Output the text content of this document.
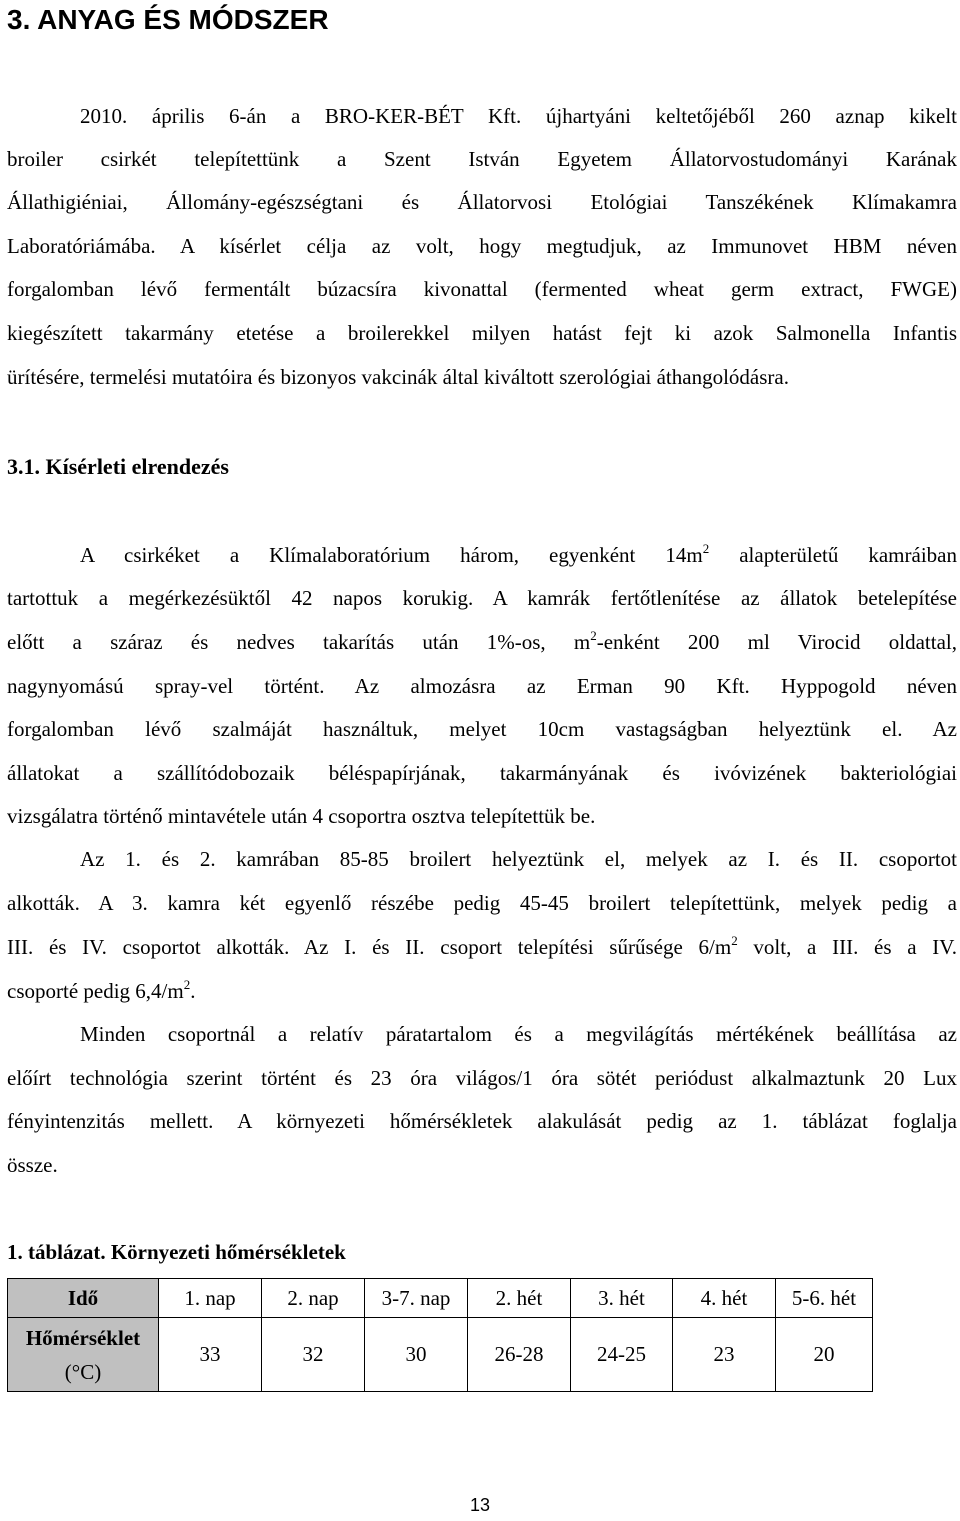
3. ANYAG ÉS MÓDSZER
2010. április 6-án a BRO-KER-BÉT Kft. újhartyáni keltetőjéből 260 aznap kikelt
broiler csirkét telepítettünk a Szent István Egyetem Állatorvostudományi Karának
Állathigiéniai, Állomány-egészségtani és Állatorvosi Etológiai Tanszékének Klímakamra
Laboratóriámába. A kísérlet célja az volt, hogy megtudjuk, az Immunovet HBM néven
forgalomban lévő fermentált búzacsíra kivonattal (fermented wheat germ extract, FWGE)
kiegészített takarmány etetése a broilerekkel milyen hatást fejt ki azok Salmonella Infantis
ürítésére, termelési mutatóira és bizonyos vakcinák által kiváltott szerológiai áthangolódásra.
3.1. Kísérleti elrendezés
A csirkéket a Klímalaboratórium három, egyenként $14m^2$ alapterületű kamráiban
tartottuk a megérkezésüktől 42 napos korukig. A kamrák fertőtlenítése az állatok betelepítése
előtt a száraz és nedves takarítás után 1%-os, $m^2$-enként 200 ml Virocid oldattal,
nagynyomású spray-vel történt. Az almozásra az Erman 90 Kft. Hyppogold néven
forgalomban lévő szalmáját használtuk, melyet 10cm vastagságban helyeztünk el. Az
állatokat a szállítódobozaik béléspapírjának, takarmányának és ivóvizének bakteriológiai
vizsgálatra történő mintavétele után 4 csoportra osztva telepítettük be.
Az 1. és 2. kamrában 85-85 broilert helyeztünk el, melyek az I. és II. csoportot
alkották. A 3. kamra két egyenlő részébe pedig 45-45 broilert telepítettünk, melyek pedig a
III. és IV. csoportot alkották. Az I. és II. csoport telepítési sűrűsége $6/m^2$ volt, a III. és a IV.
csoporté pedig $6,4/m^2$.
Minden csoportnál a relatív páratartalom és a megvilágítás mértékének beállítása az
előírt technológia szerint történt és 23 óra világos/1 óra sötét periódust alkalmaztunk 20 Lux
fényintenzitás mellett. A környezeti hőmérsékletek alakulását pedig az 1. táblázat foglalja
össze.
1. táblázat. Környezeti hőmérsékletek
Idő	1. nap	2. nap	3-7. nap	2. hét	3. hét	4. hét	5-6. hét

Hőmérséklet
(°C)	33	32	30	26-28	24-25	23	20
13
